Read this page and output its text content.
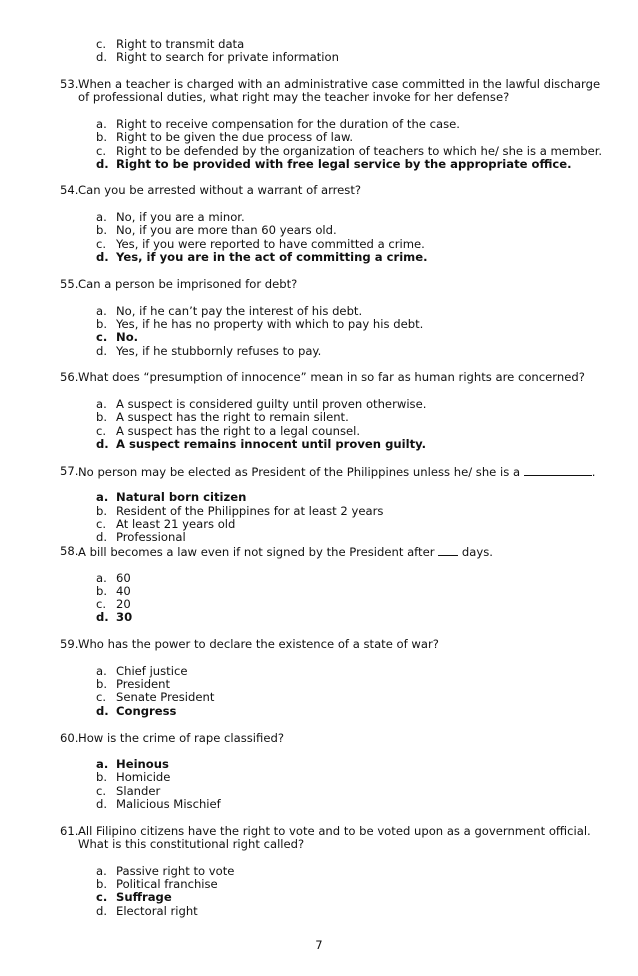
c. Right to transmit data
d. Right to search for private information
53. When a teacher is charged with an administrative case committed in the lawful discharge
of professional duties, what right may the teacher invoke for her defense?
a. Right to receive compensation for the duration of the case.
b. Right to be given the due process of law.
c. Right to be defended by the organization of teachers to which he/ she is a member.
d. Right to be provided with free legal service by the appropriate office.
54. Can you be arrested without a warrant of arrest?
a. No, if you are a minor.
b. No, if you are more than 60 years old.
c. Yes, if you were reported to have committed a crime.
d. Yes, if you are in the act of committing a crime.
55. Can a person be imprisoned for debt?
a. No, if he can’t pay the interest of his debt.
b. Yes, if he has no property with which to pay his debt.
c. No.
d. Yes, if he stubbornly refuses to pay.
56. What does “presumption of innocence” mean in so far as human rights are concerned?
a. A suspect is considered guilty until proven otherwise.
b. A suspect has the right to remain silent.
c. A suspect has the right to a legal counsel.
d. A suspect remains innocent until proven guilty.
57. No person may be elected as President of the Philippines unless he/ she is a	.
a. Natural born citizen
b. Resident of the Philippines for at least 2 years
c. At least 21 years old
d. Professional
58. A bill becomes a law even if not signed by the President after  days.
a. 60
b. 40
c. 20
d. 30
59. Who has the power to declare the existence of a state of war?
a. Chief justice
b. President
c. Senate President
d. Congress
60. How is the crime of rape classified?
a. Heinous
b. Homicide
c. Slander
d. Malicious Mischief
61. All Filipino citizens have the right to vote and to be voted upon as a government official.
What is this constitutional right called?
a. Passive right to vote
b. Political franchise
c. Suffrage
d. Electoral right
7
